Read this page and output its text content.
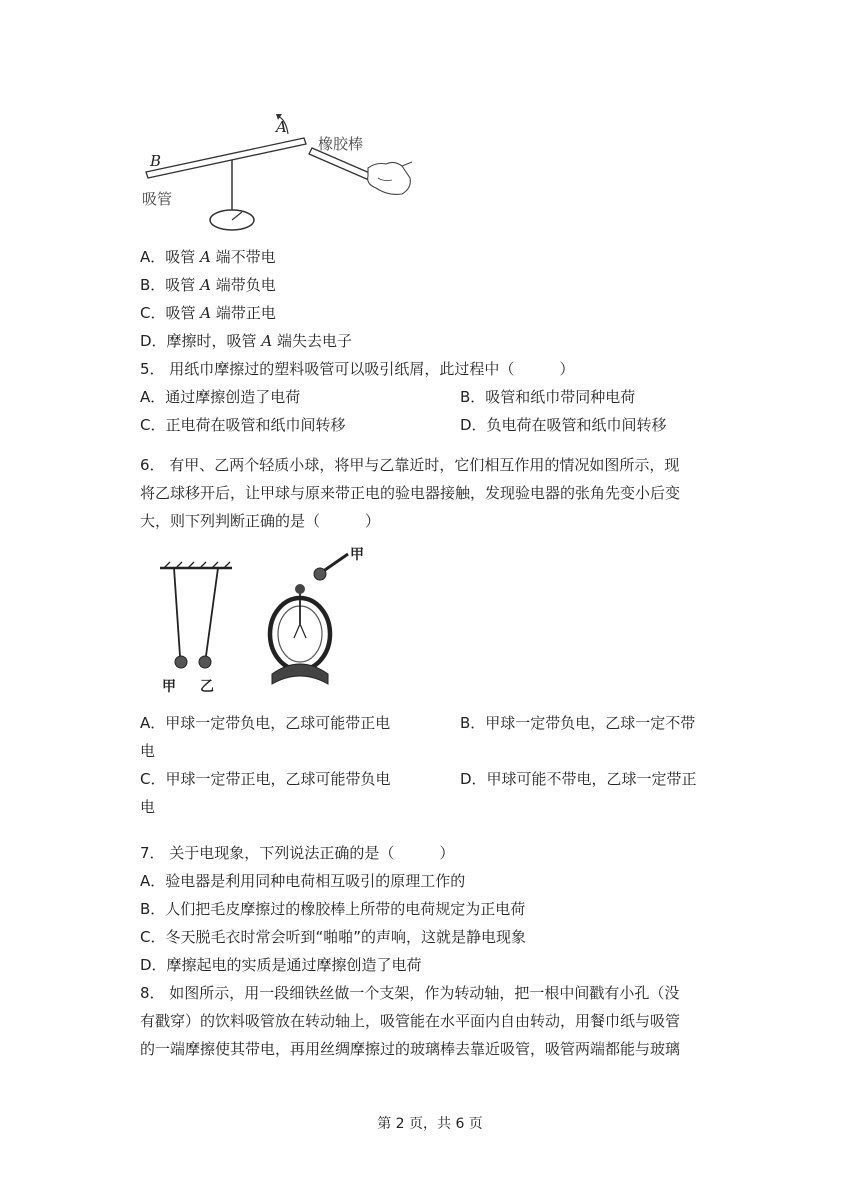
A
B
橡胶棒
吸管
A．吸管 A 端不带电
B．吸管 A 端带负电
C．吸管 A 端带正电
D．摩擦时，吸管 A 端失去电子
5． 用纸巾摩擦过的塑料吸管可以吸引纸屑，此过程中（　　　）
A．通过摩擦创造了电荷	B．吸管和纸巾带同种电荷
C．正电荷在吸管和纸巾间转移	D．负电荷在吸管和纸巾间转移
6． 有甲、乙两个轻质小球，将甲与乙靠近时，它们相互作用的情况如图所示，现
将乙球移开后，让甲球与原来带正电的验电器接触，发现验电器的张角先变小后变
大，则下列判断正确的是（　　　）
甲 乙
甲
A．甲球一定带负电，乙球可能带正电	B．甲球一定带负电，乙球一定不带
电
C．甲球一定带正电，乙球可能带负电	D．甲球可能不带电，乙球一定带正
电
7． 关于电现象，下列说法正确的是（　　　）
A．验电器是利用同种电荷相互吸引的原理工作的
B．人们把毛皮摩擦过的橡胶棒上所带的电荷规定为正电荷
C．冬天脱毛衣时常会听到“啪啪”的声响，这就是静电现象
D．摩擦起电的实质是通过摩擦创造了电荷
8． 如图所示，用一段细铁丝做一个支架，作为转动轴，把一根中间戳有小孔（没
有戳穿）的饮料吸管放在转动轴上，吸管能在水平面内自由转动，用餐巾纸与吸管
的一端摩擦使其带电，再用丝绸摩擦过的玻璃棒去靠近吸管，吸管两端都能与玻璃
第 2 页，共 6 页
